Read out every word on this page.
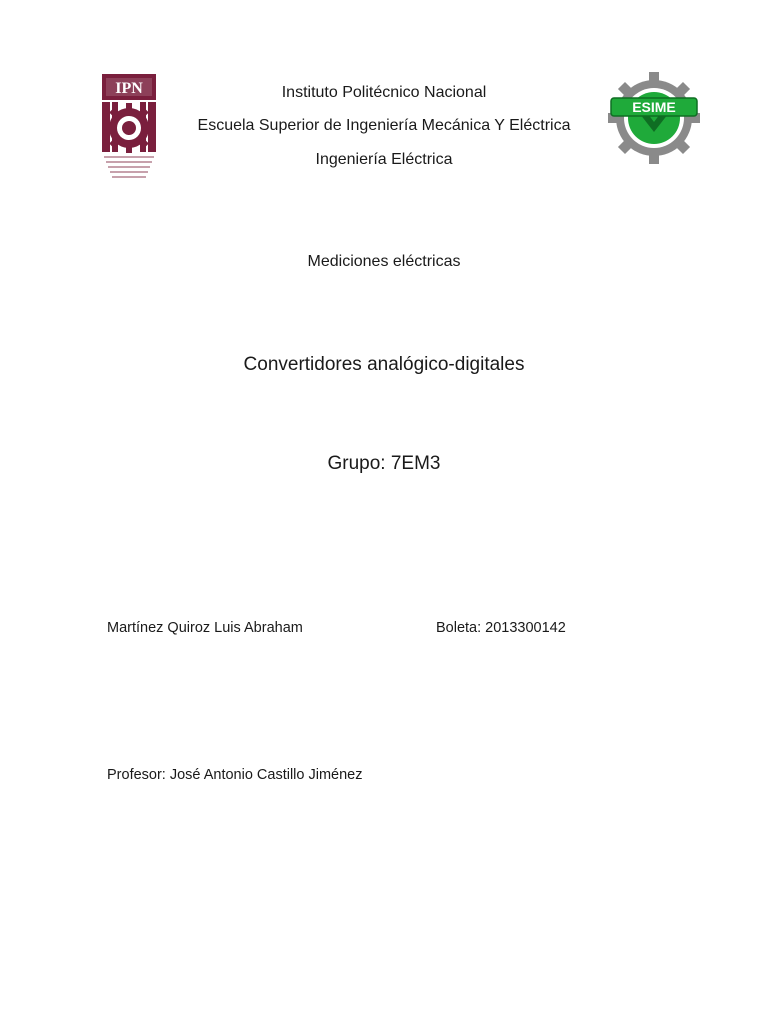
IPN
ESIME
Instituto Politécnico Nacional
Escuela Superior de Ingeniería Mecánica Y Eléctrica
Ingeniería Eléctrica
Mediciones eléctricas
Convertidores analógico-digitales
Grupo: 7EM3
Martínez Quiroz Luis Abraham	Boleta: 2013300142
Profesor: José Antonio Castillo Jiménez
